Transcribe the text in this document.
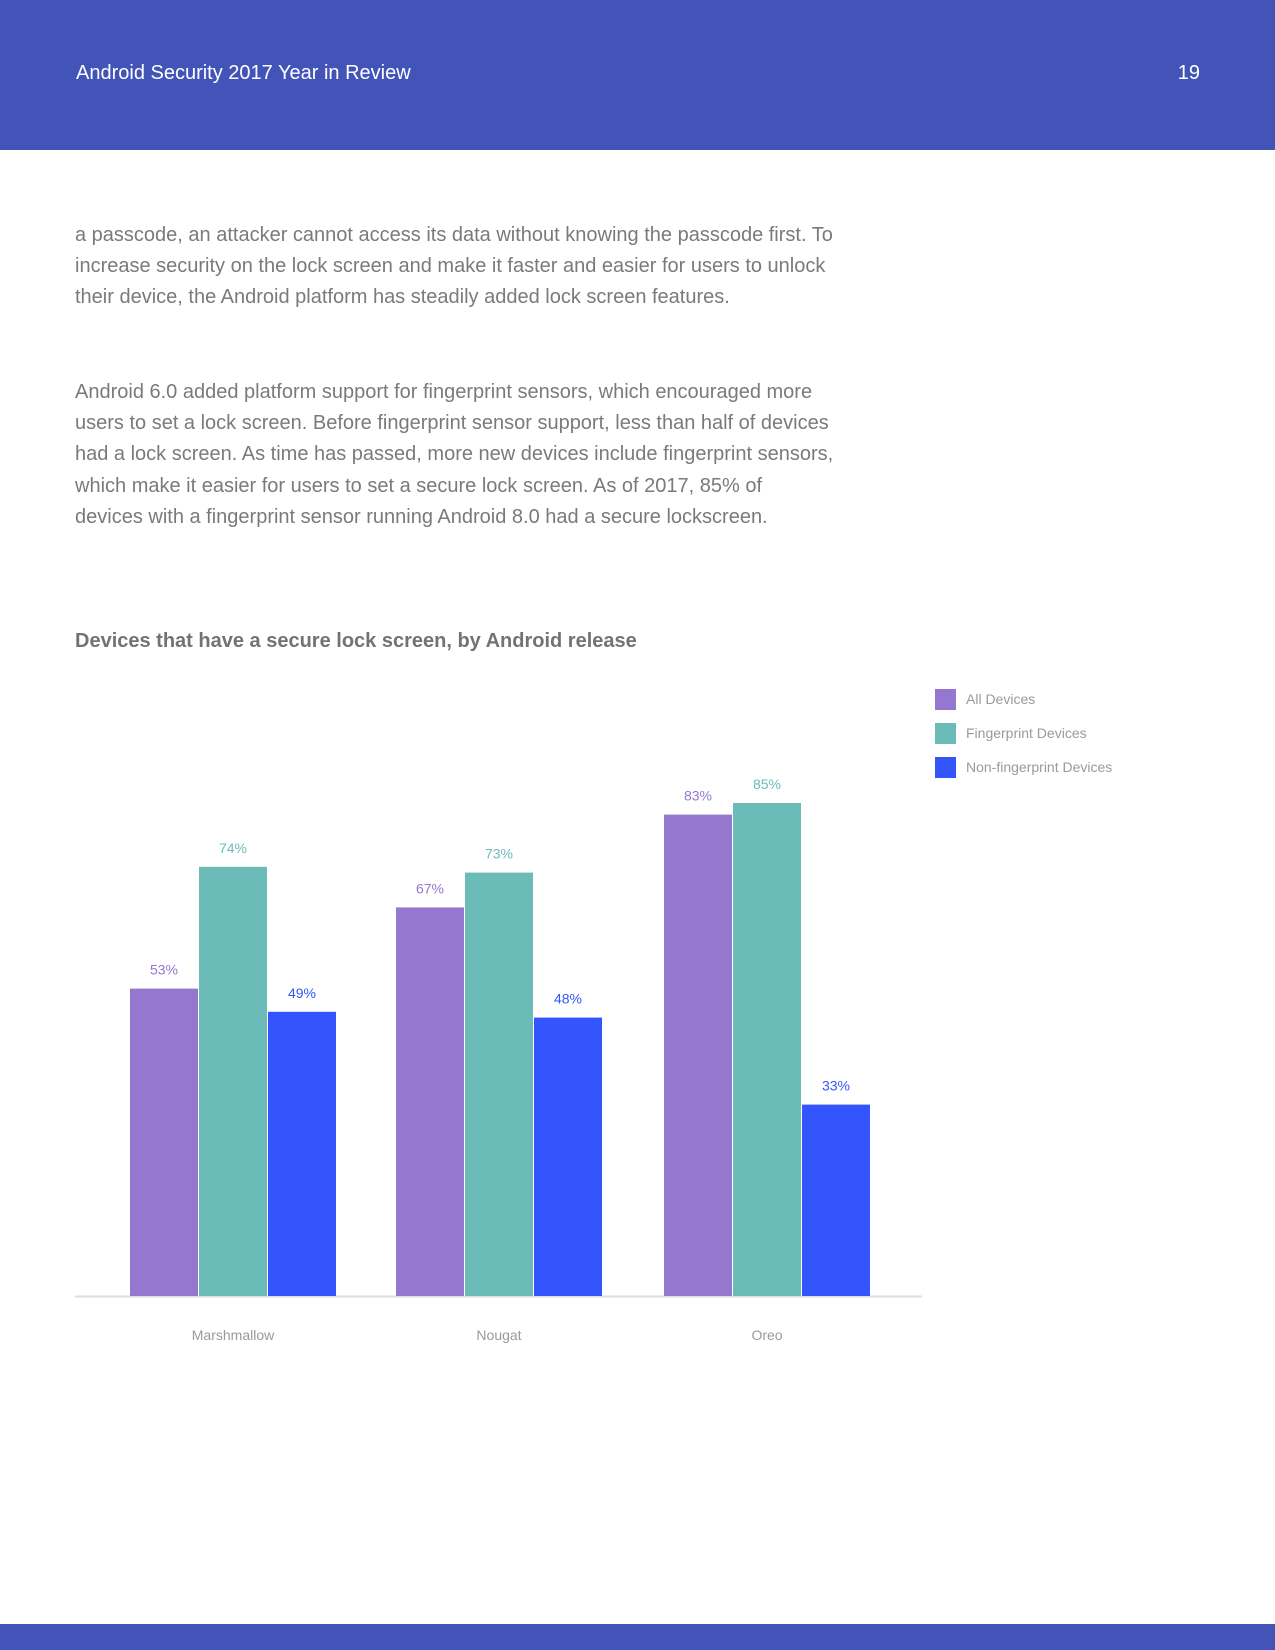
Android Security 2017 Year in Review	19

a passcode, an attacker cannot access its data without knowing the passcode first. To increase security on the lock screen and make it faster and easier for users to unlock their device, the Android platform has steadily added lock screen features.

Android 6.0 added platform support for fingerprint sensors, which encouraged more users to set a lock screen. Before fingerprint sensor support, less than half of devices had a lock screen. As time has passed, more new devices include fingerprint sensors, which make it easier for users to set a secure lock screen. As of 2017, 85% of devices with a fingerprint sensor running Android 8.0 had a secure lockscreen.

Devices that have a secure lock screen, by Android release
53%
74%
49%
Marshmallow
67%
73%
48%
Nougat
83%
85%
33%
Oreo
All Devices
Fingerprint Devices
Non-fingerprint Devices
